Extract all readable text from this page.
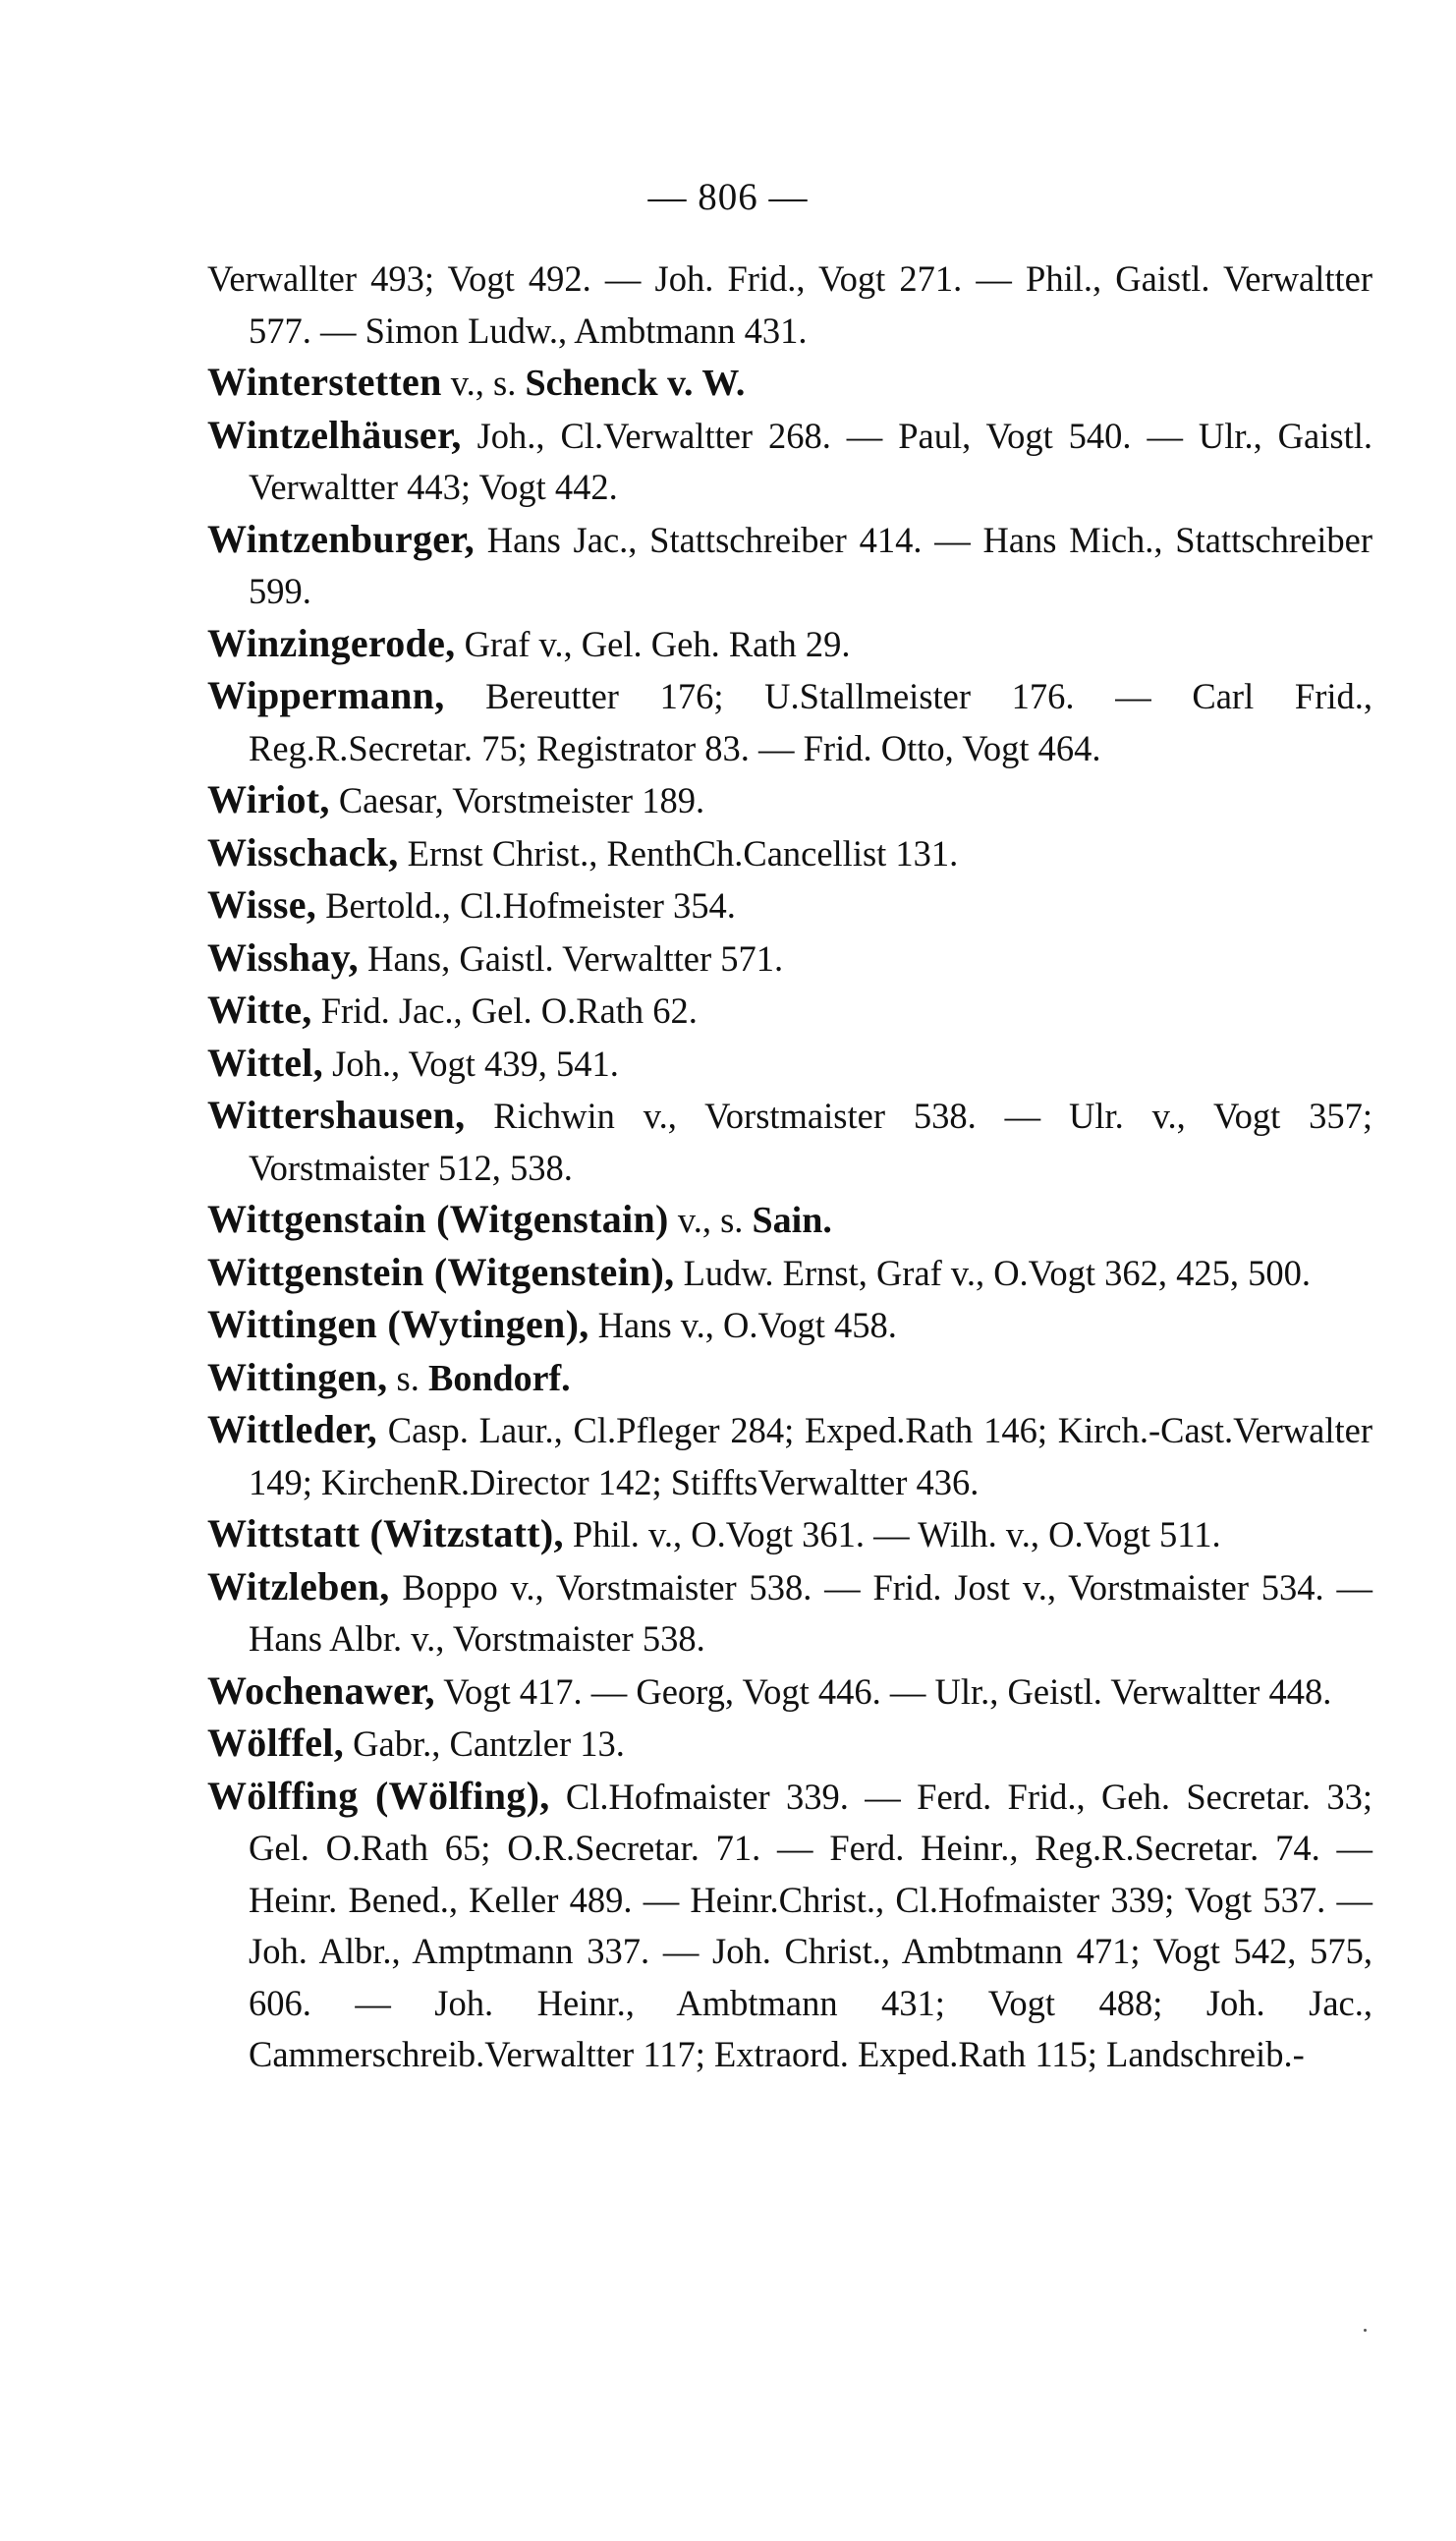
— 806 —

Verwallter 493; Vogt 492. — Joh. Frid., Vogt 271. — Phil., Gaistl. Verwaltter 577. — Simon Ludw., Ambtmann 431.

Winterstetten v., s. Schenck v. W.

Wintzelhäuser, Joh., Cl.Verwaltter 268. — Paul, Vogt 540. — Ulr., Gaistl. Verwaltter 443; Vogt 442.

Wintzenburger, Hans Jac., Stattschreiber 414. — Hans Mich., Stattschreiber 599.

Winzingerode, Graf v., Gel. Geh. Rath 29.

Wippermann, Bereutter 176; U.Stallmeister 176. — Carl Frid., Reg.R.Secretar. 75; Registrator 83. — Frid. Otto, Vogt 464.

Wiriot, Caesar, Vorstmeister 189.

Wisschack, Ernst Christ., RenthCh.Cancellist 131.

Wisse, Bertold., Cl.Hofmeister 354.

Wisshay, Hans, Gaistl. Verwaltter 571.

Witte, Frid. Jac., Gel. O.Rath 62.

Wittel, Joh., Vogt 439, 541.

Wittershausen, Richwin v., Vorstmaister 538. — Ulr. v., Vogt 357; Vorstmaister 512, 538.

Wittgenstain (Witgenstain) v., s. Sain.

Wittgenstein (Witgenstein), Ludw. Ernst, Graf v., O.Vogt 362, 425, 500.

Wittingen (Wytingen), Hans v., O.Vogt 458.

Wittingen, s. Bondorf.

Wittleder, Casp. Laur., Cl.Pfleger 284; Exped.Rath 146; Kirch.-Cast.Verwalter 149; KirchenR.Director 142; StifftsVerwaltter 436.

Wittstatt (Witzstatt), Phil. v., O.Vogt 361. — Wilh. v., O.Vogt 511.

Witzleben, Boppo v., Vorstmaister 538. — Frid. Jost v., Vorstmaister 534. — Hans Albr. v., Vorstmaister 538.

Wochenawer, Vogt 417. — Georg, Vogt 446. — Ulr., Geistl. Verwaltter 448.

Wölffel, Gabr., Cantzler 13.

Wölffing (Wölfing), Cl.Hofmaister 339. — Ferd. Frid., Geh. Secretar. 33; Gel. O.Rath 65; O.R.Secretar. 71. — Ferd. Heinr., Reg.R.Secretar. 74. — Heinr. Bened., Keller 489. — Heinr.Christ., Cl.Hofmaister 339; Vogt 537. — Joh. Albr., Amptmann 337. — Joh. Christ., Ambtmann 471; Vogt 542, 575, 606. — Joh. Heinr., Ambtmann 431; Vogt 488; Joh. Jac., Cammerschreib.Verwaltter 117; Extraord. Exped.Rath 115; Landschreib.-
